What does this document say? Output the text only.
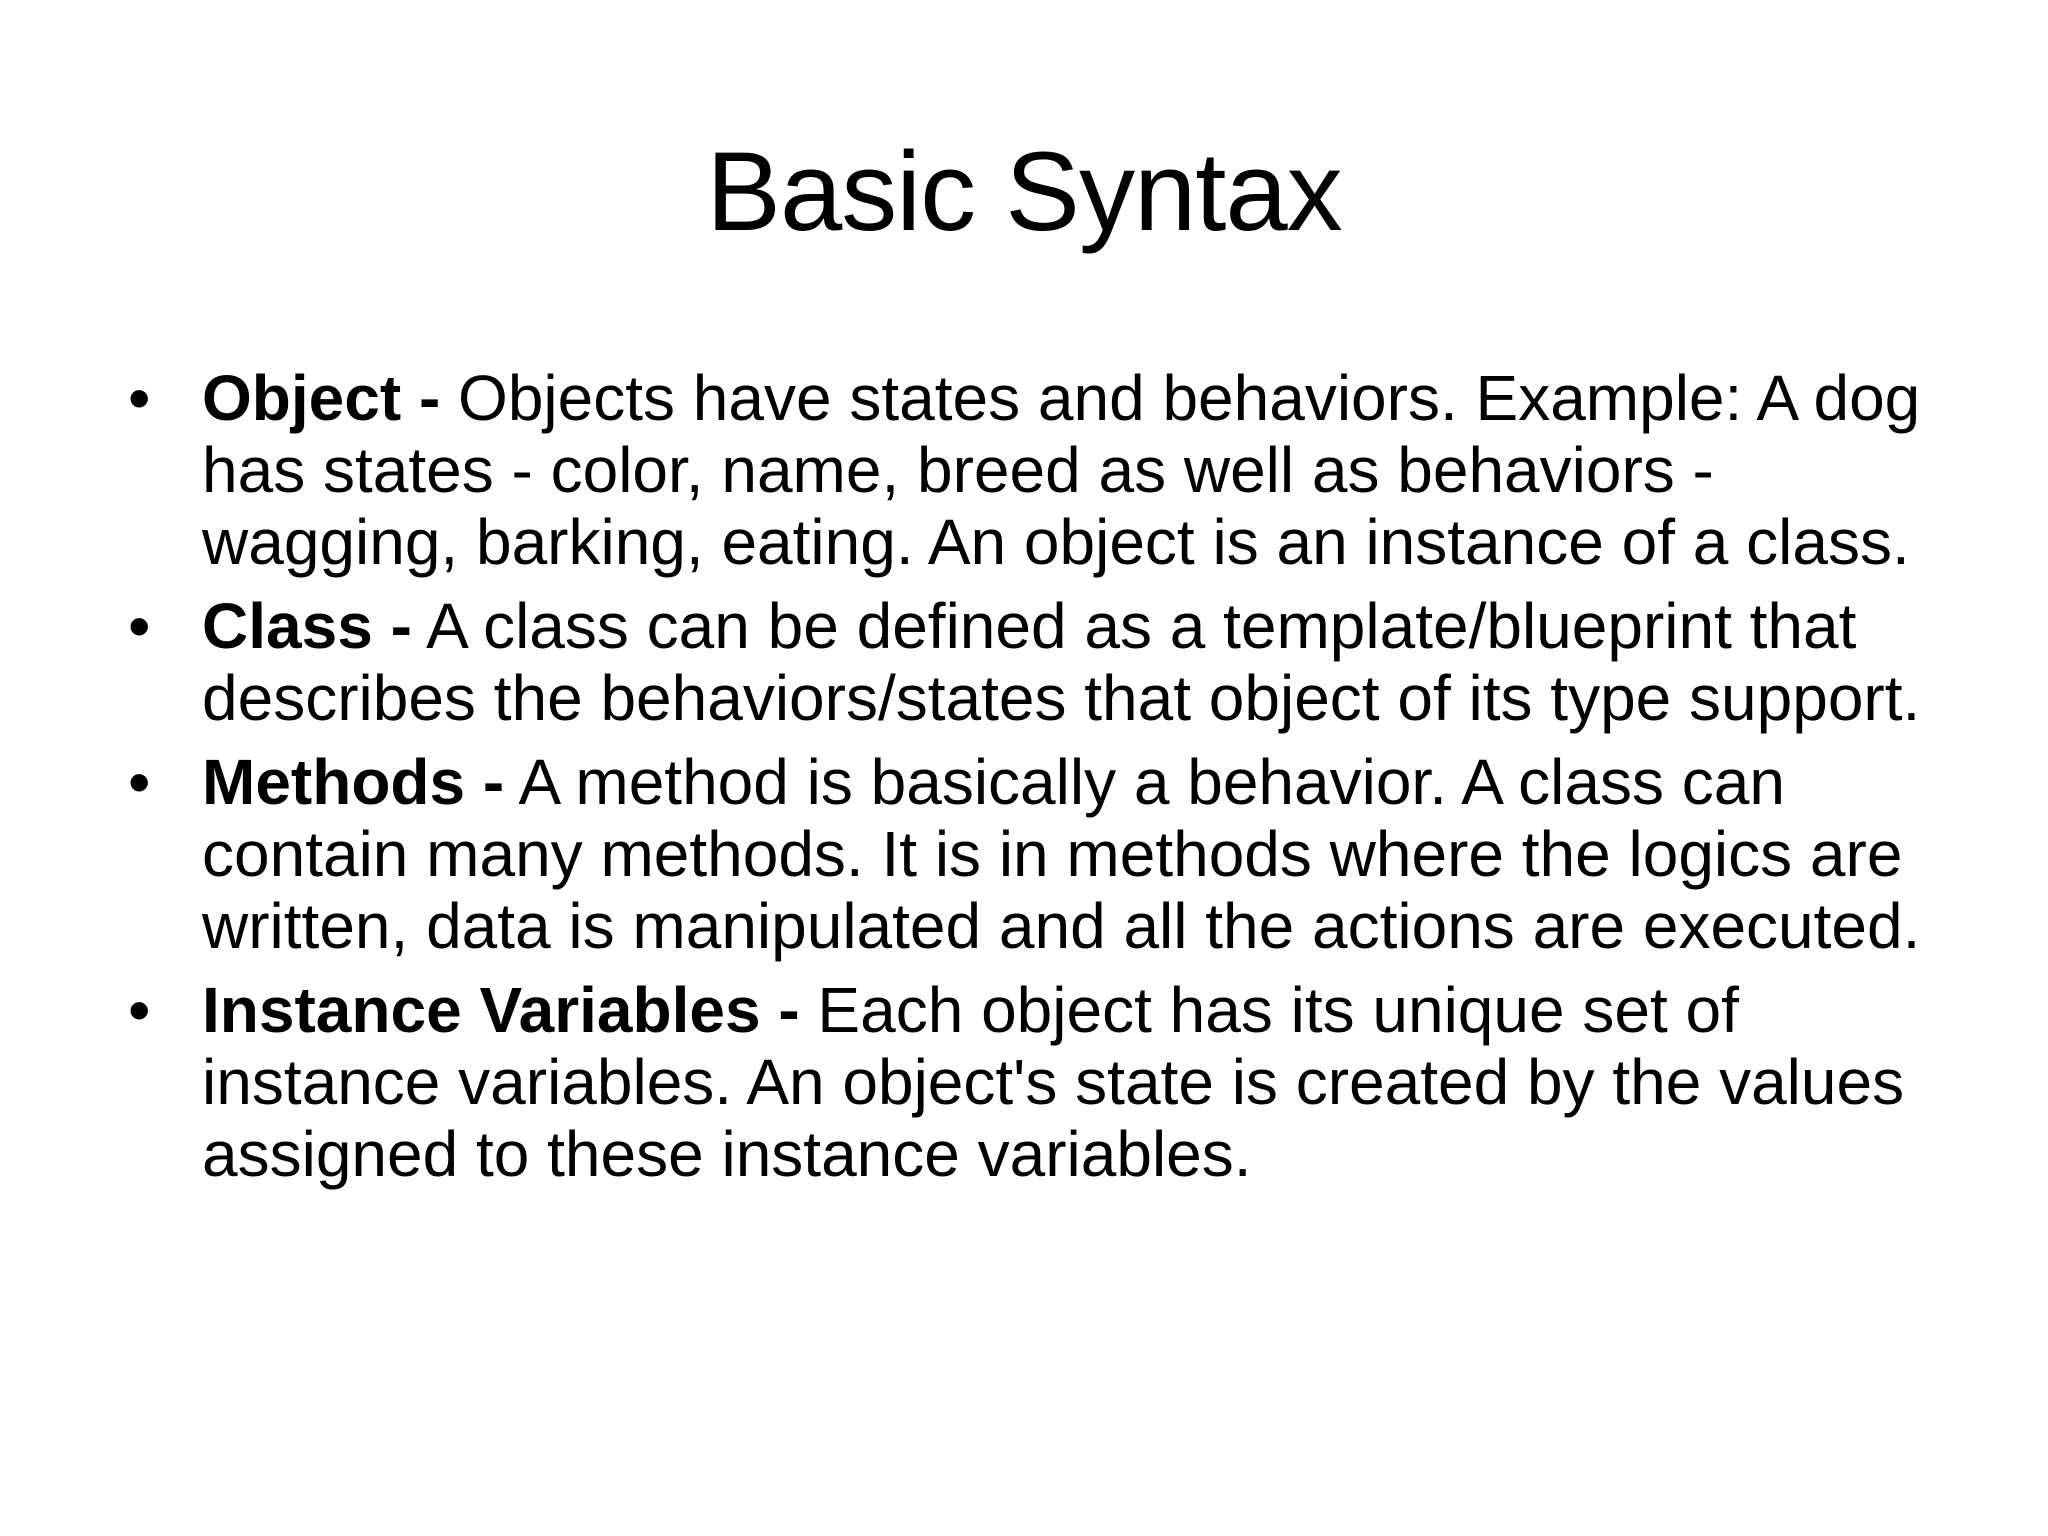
Basic Syntax
• Object - Objects have states and behaviors. Example: A dog has states - color, name, breed as well as behaviors - wagging, barking, eating. An object is an instance of a class.
• Class - A class can be defined as a template/blueprint that describes the behaviors/states that object of its type support.
• Methods - A method is basically a behavior. A class can contain many methods. It is in methods where the logics are written, data is manipulated and all the actions are executed.
• Instance Variables - Each object has its unique set of instance variables. An object's state is created by the values assigned to these instance variables.
